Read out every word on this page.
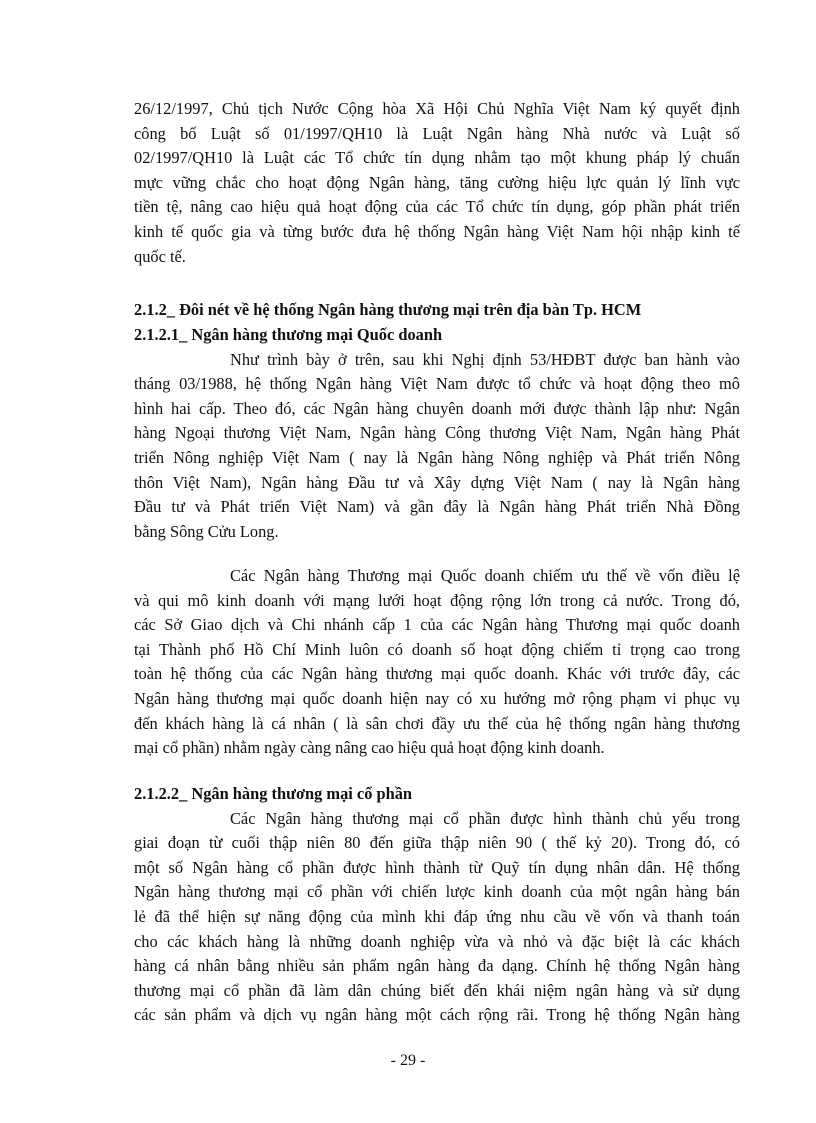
26/12/1997, Chủ tịch Nước Cộng hòa Xã Hội Chủ Nghĩa Việt Nam ký quyết định
công bố Luật số 01/1997/QH10 là Luật Ngân hàng Nhà nước và Luật số
02/1997/QH10 là Luật các Tổ chức tín dụng nhằm tạo một khung pháp lý chuẩn
mực vững chắc cho hoạt động Ngân hàng, tăng cường hiệu lực quản lý lĩnh vực
tiền tệ, nâng cao hiệu quả hoạt động của các Tổ chức tín dụng, góp phần phát triển
kinh tế quốc gia và từng bước đưa hệ thống Ngân hàng Việt Nam hội nhập kinh tế
quốc tế.
2.1.2_ Đôi nét về hệ thống Ngân hàng thương mại trên địa bàn Tp. HCM
2.1.2.1_ Ngân hàng thương mại Quốc doanh
Như trình bày ở trên, sau khi Nghị định 53/HĐBT được ban hành vào
tháng 03/1988, hệ thống Ngân hàng Việt Nam được tổ chức và hoạt động theo mô
hình hai cấp. Theo đó, các Ngân hàng chuyên doanh mới được thành lập như: Ngân
hàng Ngoại thương Việt Nam, Ngân hàng Công thương Việt Nam, Ngân hàng Phát
triển Nông nghiệp Việt Nam ( nay là Ngân hàng Nông nghiệp và Phát triển Nông
thôn Việt Nam), Ngân hàng Đầu tư và Xây dựng Việt Nam ( nay là Ngân hàng
Đầu tư và Phát triển Việt Nam) và gần đây là Ngân hàng Phát triển Nhà Đồng
bằng Sông Cửu Long.
Các Ngân hàng Thương mại Quốc doanh chiếm ưu thế về vốn điều lệ
và qui mô kinh doanh với mạng lưới hoạt động rộng lớn trong cả nước. Trong đó,
các Sở Giao dịch và Chi nhánh cấp 1 của các Ngân hàng Thương mại quốc doanh
tại Thành phố Hồ Chí Minh luôn có doanh số hoạt động chiếm tỉ trọng cao trong
toàn hệ thống của các Ngân hàng thương mại quốc doanh. Khác với trước đây, các
Ngân hàng thương mại quốc doanh hiện nay có xu hướng mở rộng phạm vi phục vụ
đến khách hàng là cá nhân ( là sân chơi đầy ưu thế của hệ thống ngân hàng thương
mại cổ phần) nhằm ngày càng nâng cao hiệu quả hoạt động kinh doanh.
2.1.2.2_ Ngân hàng thương mại cổ phần
Các Ngân hàng thương mại cổ phần được hình thành chủ yếu trong
giai đoạn từ cuối thập niên 80 đến giữa thập niên 90 ( thế kỷ 20). Trong đó, có
một số Ngân hàng cổ phần được hình thành từ Quỹ tín dụng nhân dân. Hệ thống
Ngân hàng thương mại cổ phần với chiến lược kinh doanh của một ngân hàng bán
lẻ đã thể hiện sự năng động của mình khi đáp ứng nhu cầu về vốn và thanh toán
cho các khách hàng là những doanh nghiệp vừa và nhỏ và đặc biệt là các khách
hàng cá nhân bằng nhiều sản phẩm ngân hàng đa dạng. Chính hệ thống Ngân hàng
thương mại cổ phần đã làm dân chúng biết đến khái niệm ngân hàng và sử dụng
các sản phẩm và dịch vụ ngân hàng một cách rộng rãi. Trong hệ thống Ngân hàng
- 29 -
